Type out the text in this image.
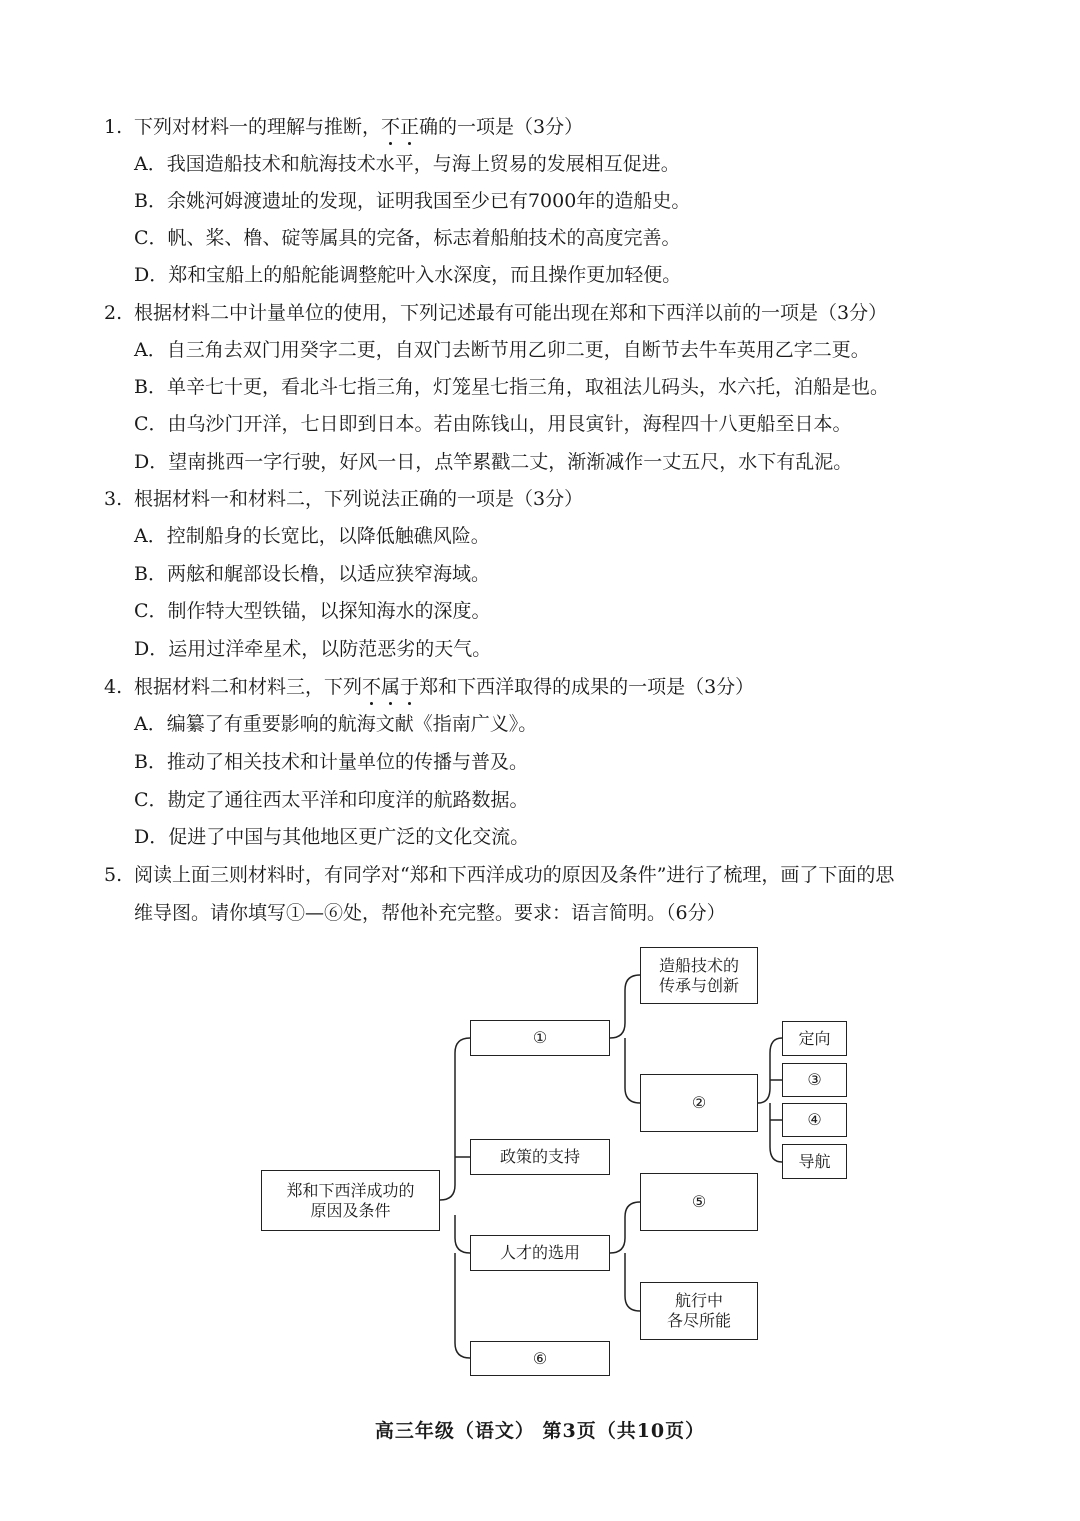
1. 下列对材料一的理解与推断，不正确的一项是（3分）
A．我国造船技术和航海技术水平，与海上贸易的发展相互促进。
B．余姚河姆渡遗址的发现，证明我国至少已有7000年的造船史。
C．帆、桨、橹、碇等属具的完备，标志着船舶技术的高度完善。
D．郑和宝船上的船舵能调整舵叶入水深度，而且操作更加轻便。
2. 根据材料二中计量单位的使用，下列记述最有可能出现在郑和下西洋以前的一项是（3分）
A．自三角去双门用癸字二更，自双门去断节用乙卯二更，自断节去牛车英用乙字二更。
B．单辛七十更，看北斗七指三角，灯笼星七指三角，取祖法儿码头，水六托，泊船是也。
C．由乌沙门开洋，七日即到日本。若由陈钱山，用艮寅针，海程四十八更船至日本。
D．望南挑西一字行驶，好风一日，点竿累戳二丈，渐渐减作一丈五尺，水下有乱泥。
3. 根据材料一和材料二，下列说法正确的一项是（3分）
A．控制船身的长宽比，以降低触礁风险。
B．两舷和艉部设长橹，以适应狭窄海域。
C．制作特大型铁锚，以探知海水的深度。
D．运用过洋牵星术，以防范恶劣的天气。
4. 根据材料二和材料三，下列不属于郑和下西洋取得的成果的一项是（3分）
A．编纂了有重要影响的航海文献《指南广义》。
B．推动了相关技术和计量单位的传播与普及。
C．勘定了通往西太平洋和印度洋的航路数据。
D．促进了中国与其他地区更广泛的文化交流。
5. 阅读上面三则材料时，有同学对“郑和下西洋成功的原因及条件”进行了梳理，画了下面的思
维导图。请你填写①—⑥处，帮他补充完整。要求：语言简明。（6分）
郑和下西洋成功的
原因及条件
①
造船技术的
传承与创新
②
定向
③
④
导航
政策的支持
人才的选用
⑤
航行中
各尽所能
⑥
高三年级（语文） 第3页（共10页）
